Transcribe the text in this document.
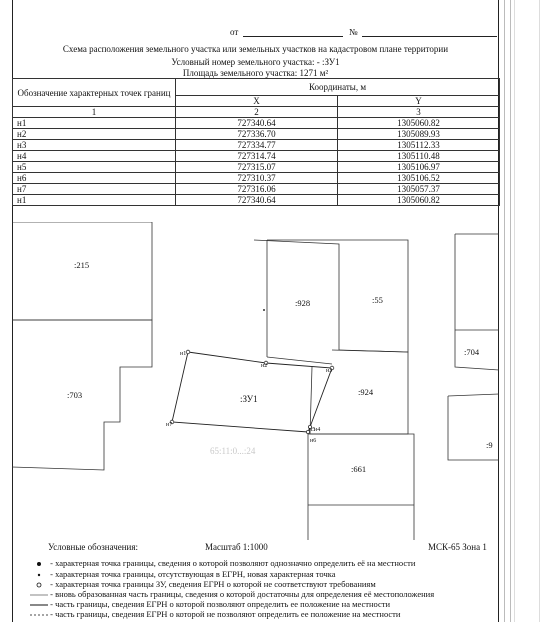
от	№
Схема расположения земельного участка или земельных участков на кадастровом плане территории
Условный номер земельного участка: - :ЗУ1
Площадь земельного участка: 1271 м²
Обозначение характерных точек границ	Координаты, м	
	X	Y
1	2	3
н1	727340.64	1305060.82
н2	727336.70	1305089.93
н3	727334.77	1305112.33
н4	727314.74	1305110.48
н5	727315.07	1305106.97
н6	727310.37	1305106.52
н7	727316.06	1305057.37
н1	727340.64	1305060.82
65:11:0...:24
:215
:703
:928	:55
:924
:661
:704
:9
:ЗУ1
н1
н2
н3
н4
н5
н6
н7
Условные обозначения:	Масштаб 1:1000	МСК-65 Зона 1
- характерная точка границы, сведения о которой позволяют однозначно определить её на местности
- характерная точка границы, отсутствующая в ЕГРН, новая характерная точка
- характерная точка границы ЗУ, сведения ЕГРН о которой не соответствуют требованиям
- вновь образованная часть границы, сведения о которой достаточны для определения её местоположения
- часть границы, сведения ЕГРН о которой позволяют определить ее положение на местности
- часть границы, сведения ЕГРН о которой не позволяют определить ее положение на местности
